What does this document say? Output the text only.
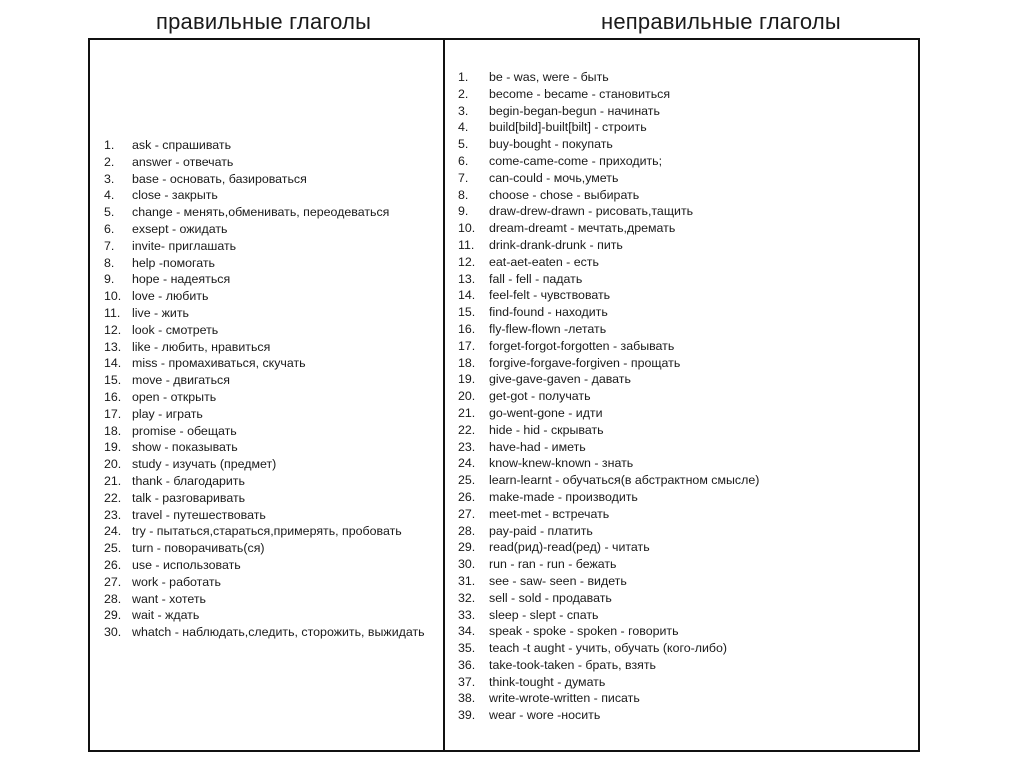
правильные глаголы	неправильные глаголы
1.	ask - спрашивать
2.	answer - отвечать
3.	base - основать, базироваться
4.	close - закрыть
5.	change - менять,обменивать, переодеваться
6.	exsept - ожидать
7.	invite- приглашать
8.	help -помогать
9.	hope - надеяться
10. love - любить
11. live - жить
12. look - смотреть
13. like - любить, нравиться
14. miss - промахиваться, скучать
15. move - двигаться
16. open - открыть
17. play - играть
18. promise - обещать
19. show - показывать
20. study - изучать (предмет)
21. thank - благодарить
22. talk - разговаривать
23. travel - путешествовать
24. try - пытаться,стараться,примерять, пробовать
25. turn - поворачивать(ся)
26. use - использовать
27. work - работать
28. want - хотеть
29. wait - ждать
30. whatch - наблюдать,следить, сторожить, выжидать
1.	be - was, were - быть
2.	become - became - становиться
3.	begin-began-begun - начинать
4.	build[bild]-built[bilt] - строить
5.	buy-bought - покупать
6.	come-came-come - приходить;
7.	can-could - мочь,уметь
8.	choose - chose - выбирать
9.	draw-drew-drawn - рисовать,тащить
10.	dream-dreamt - мечтать,дремать
11.	drink-drank-drunk - пить
12.	eat-aet-eaten - есть
13.	fall - fell - падать
14.	feel-felt - чувствовать
15.	find-found - находить
16.	fly-flew-flown -летать
17.	forget-forgot-forgotten - забывать
18.	forgive-forgave-forgiven - прощать
19.	give-gave-gaven - давать
20.	get-got - получать
21.	go-went-gone - идти
22.	hide - hid - скрывать
23.	have-had - иметь
24.	know-knew-known - знать
25.	learn-learnt - обучаться(в абстрактном смысле)
26.	make-made - производить
27.	meet-met - встречать
28.	pay-paid - платить
29.	read(рид)-read(ред) - читать
30.	run - ran - run - бежать
31.	see - saw- seen - видеть
32.	sell - sold - продавать
33.	sleep - slept - спать
34.	speak - spoke - spoken - говорить
35.	teach -t aught - учить, обучать (кого-либо)
36.	take-took-taken - брать, взять
37.	think-tought - думать
38.	write-wrote-written - писать
39.	wear - wore -носить
